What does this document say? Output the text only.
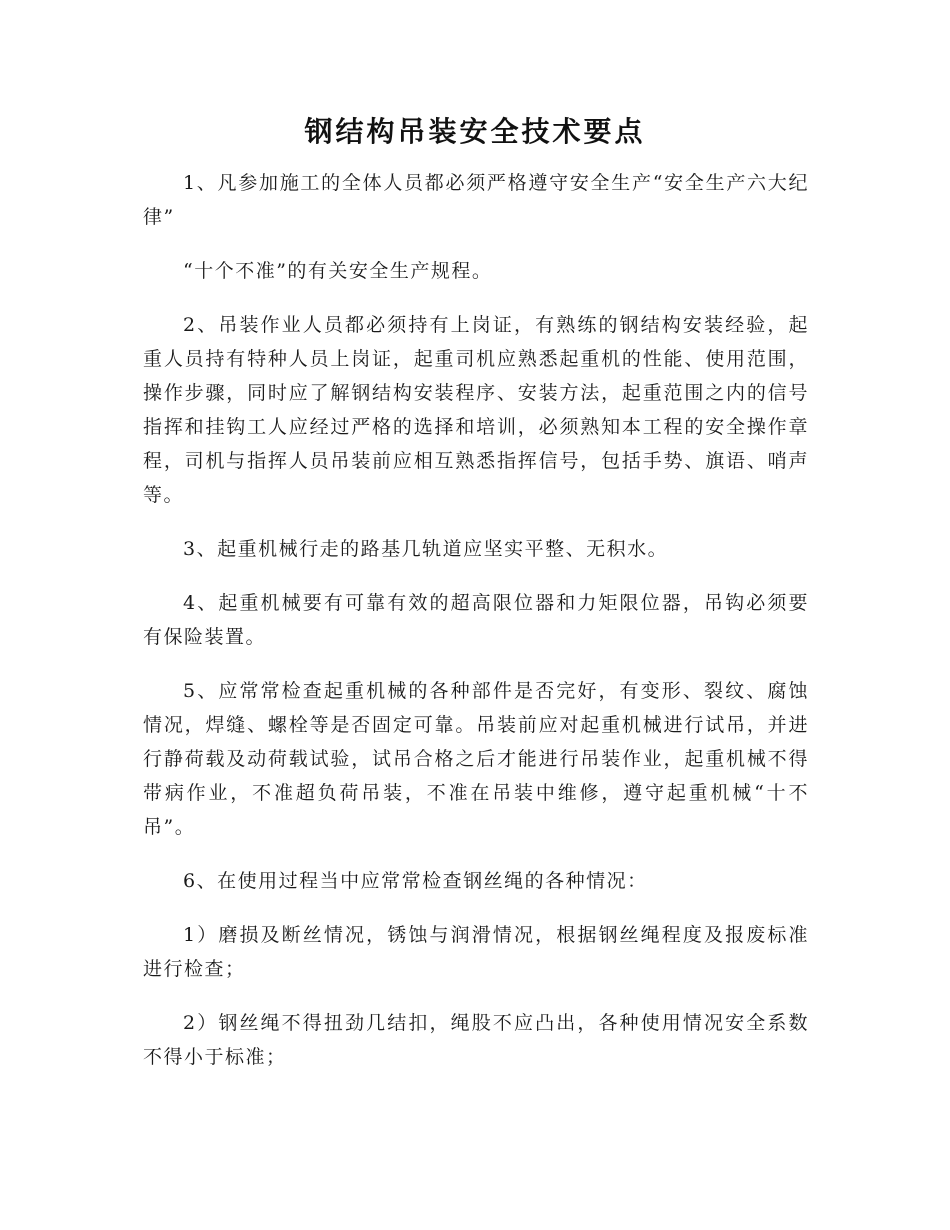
钢结构吊装安全技术要点

1、凡参加施工的全体人员都必须严格遵守安全生产“安全生产六大纪律”

“十个不准”的有关安全生产规程。

2、吊装作业人员都必须持有上岗证，有熟练的钢结构安装经验，起重人员持有特种人员上岗证，起重司机应熟悉起重机的性能、使用范围，操作步骤，同时应了解钢结构安装程序、安装方法，起重范围之内的信号指挥和挂钩工人应经过严格的选择和培训，必须熟知本工程的安全操作章程，司机与指挥人员吊装前应相互熟悉指挥信号，包括手势、旗语、哨声等。

3、起重机械行走的路基几轨道应坚实平整、无积水。

4、起重机械要有可靠有效的超高限位器和力矩限位器，吊钩必须要有保险装置。

5、应常常检查起重机械的各种部件是否完好，有变形、裂纹、腐蚀情况，焊缝、螺栓等是否固定可靠。吊装前应对起重机械进行试吊，并进行静荷载及动荷载试验，试吊合格之后才能进行吊装作业，起重机械不得带病作业，不准超负荷吊装，不准在吊装中维修，遵守起重机械“十不吊”。

6、在使用过程当中应常常检查钢丝绳的各种情况：

1）磨损及断丝情况，锈蚀与润滑情况，根据钢丝绳程度及报废标准进行检查；

2）钢丝绳不得扭劲几结扣，绳股不应凸出，各种使用情况安全系数不得小于标准；
